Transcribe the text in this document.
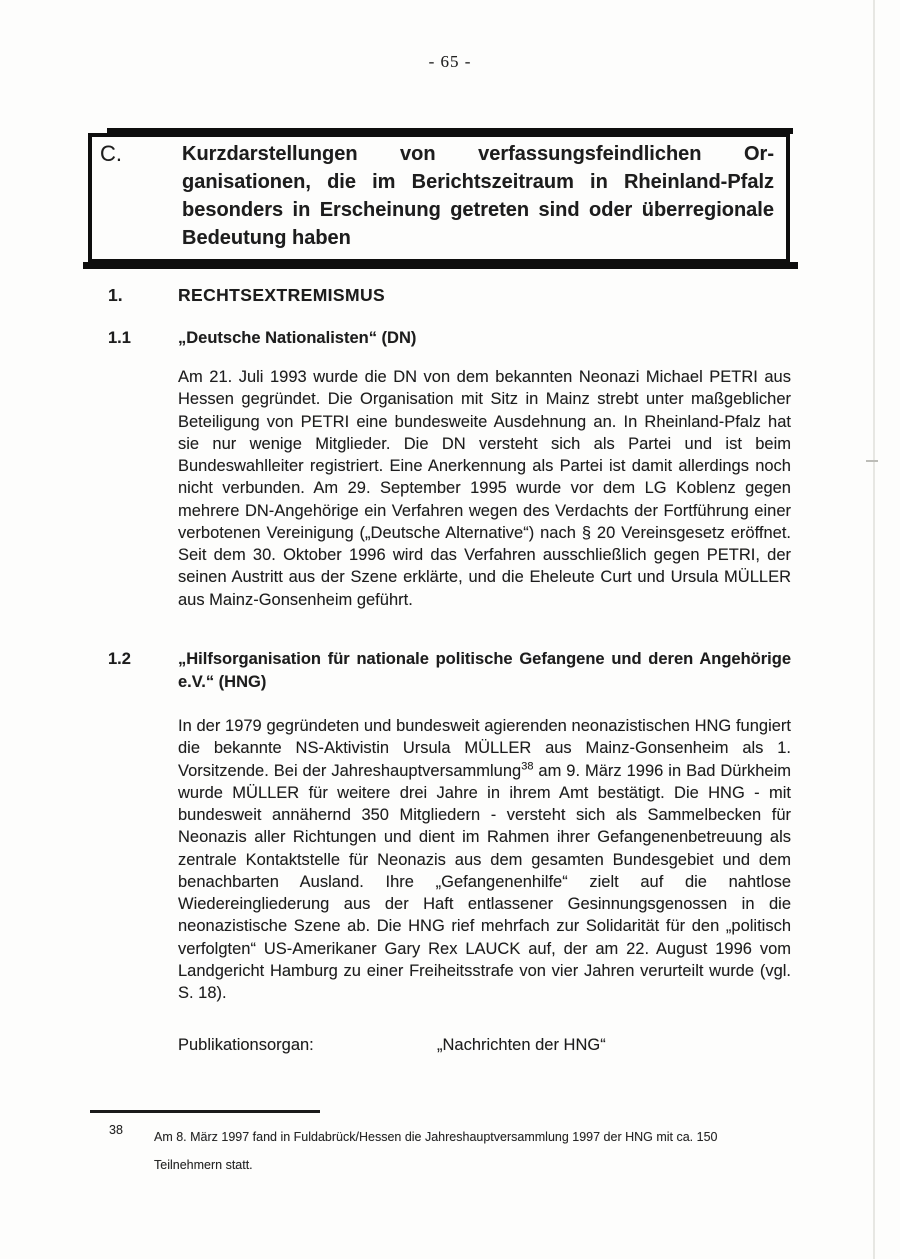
- 65 -
C.	Kurzdarstellungen von verfassungsfeindlichen Organisationen, die im Berichtszeitraum in Rheinland-Pfalz besonders in Erscheinung getreten sind oder überregionale Bedeutung haben
1.	RECHTSEXTREMISMUS
1.1	„Deutsche Nationalisten“ (DN)
Am 21. Juli 1993 wurde die DN von dem bekannten Neonazi Michael PETRI aus Hessen gegründet. Die Organisation mit Sitz in Mainz strebt unter maßgeblicher Beteiligung von PETRI eine bundesweite Ausdehnung an. In Rheinland-Pfalz hat sie nur wenige Mitglieder. Die DN versteht sich als Partei und ist beim Bundeswahlleiter registriert. Eine Anerkennung als Partei ist damit allerdings noch nicht verbunden. Am 29. September 1995 wurde vor dem LG Koblenz gegen mehrere DN-Angehörige ein Verfahren wegen des Verdachts der Fortführung einer verbotenen Vereinigung („Deutsche Alternative“) nach § 20 Vereinsgesetz eröffnet. Seit dem 30. Oktober 1996 wird das Verfahren ausschließlich gegen PETRI, der seinen Austritt aus der Szene erklärte, und die Eheleute Curt und Ursula MÜLLER aus Mainz-Gonsenheim geführt.
1.2	„Hilfsorganisation für nationale politische Gefangene und deren Angehörige e.V.“ (HNG)
In der 1979 gegründeten und bundesweit agierenden neonazistischen HNG fungiert die bekannte NS-Aktivistin Ursula MÜLLER aus Mainz-Gonsenheim als 1. Vorsitzende. Bei der Jahreshauptversammlung$^{38}$ am 9. März 1996 in Bad Dürkheim wurde MÜLLER für weitere drei Jahre in ihrem Amt bestätigt. Die HNG - mit bundesweit annähernd 350 Mitgliedern - versteht sich als Sammelbecken für Neonazis aller Richtungen und dient im Rahmen ihrer Gefangenenbetreuung als zentrale Kontaktstelle für Neonazis aus dem gesamten Bundesgebiet und dem benachbarten Ausland. Ihre „Gefangenenhilfe“ zielt auf die nahtlose Wiedereingliederung aus der Haft entlassener Gesinnungsgenossen in die neonazistische Szene ab. Die HNG rief mehrfach zur Solidarität für den „politisch verfolgten“ US-Amerikaner Gary Rex LAUCK auf, der am 22. August 1996 vom Landgericht Hamburg zu einer Freiheitsstrafe von vier Jahren verurteilt wurde (vgl. S. 18).
Publikationsorgan:	„Nachrichten der HNG“
38	Am 8. März 1997 fand in Fuldabrück/Hessen die Jahreshauptversammlung 1997 der HNG mit ca. 150 Teilnehmern statt.
